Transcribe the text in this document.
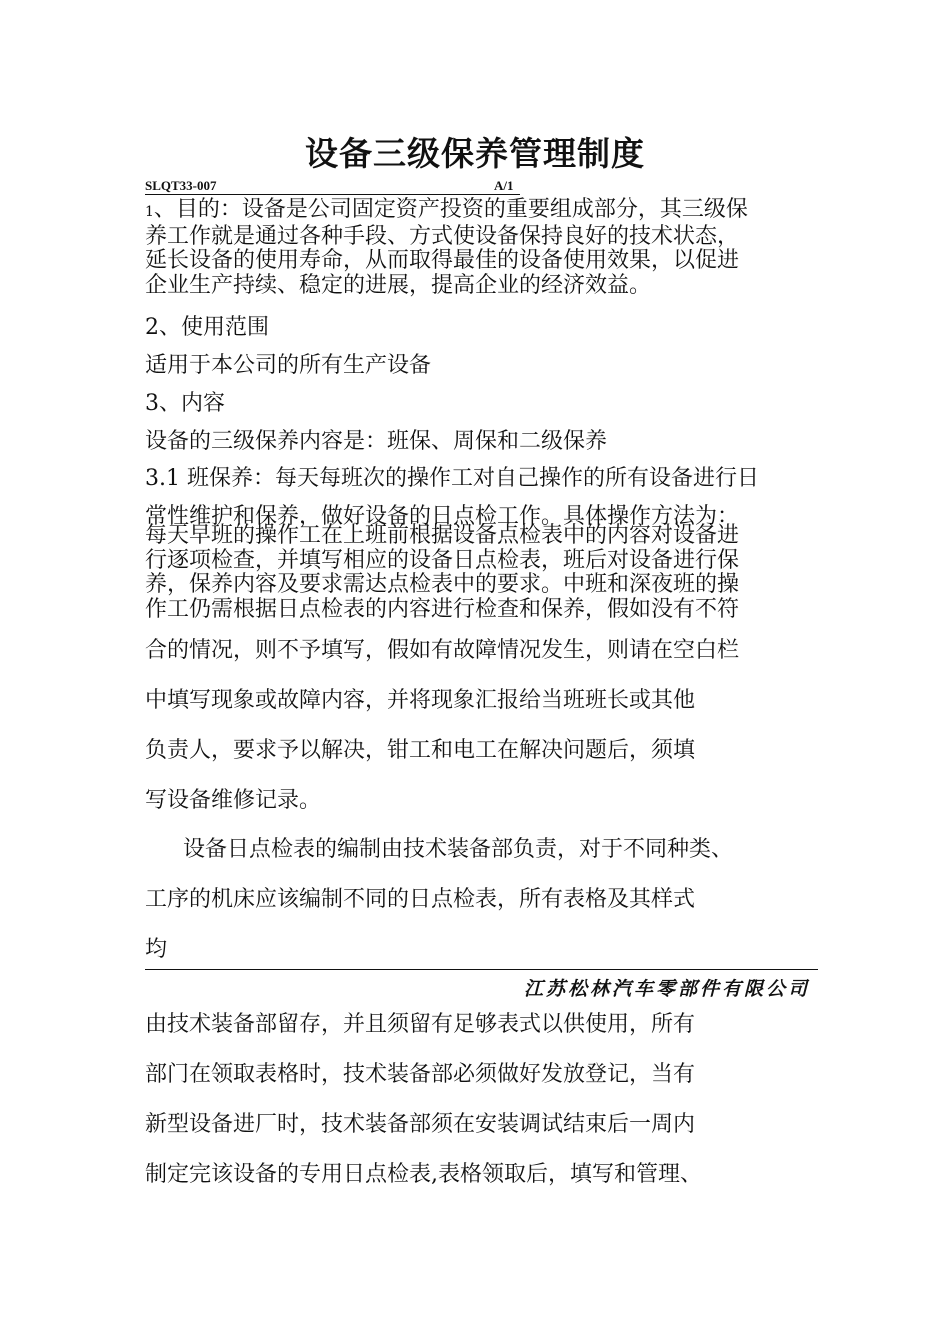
设备三级保养管理制度
SLQT33-007	A/1
1、目的：设备是公司固定资产投资的重要组成部分，其三级保
养工作就是通过各种手段、方式使设备保持良好的技术状态，
延长设备的使用寿命，从而取得最佳的设备使用效果，以促进
企业生产持续、稳定的进展，提高企业的经济效益。
2、使用范围
适用于本公司的所有生产设备
3、内容
设备的三级保养内容是：班保、周保和二级保养
3.1 班保养：每天每班次的操作工对自己操作的所有设备进行日
常性维护和保养，做好设备的日点检工作。具体操作方法为：
每天早班的操作工在上班前根据设备点检表中的内容对设备进
行逐项检查，并填写相应的设备日点检表，班后对设备进行保
养，保养内容及要求需达点检表中的要求。中班和深夜班的操
作工仍需根据日点检表的内容进行检查和保养，假如没有不符
合的情况，则不予填写，假如有故障情况发生，则请在空白栏
中填写现象或故障内容，并将现象汇报给当班班长或其他
负责人，要求予以解决，钳工和电工在解决问题后，须填
写设备维修记录。
设备日点检表的编制由技术装备部负责，对于不同种类、
工序的机床应该编制不同的日点检表，所有表格及其样式
均
江苏松林汽车零部件有限公司
由技术装备部留存，并且须留有足够表式以供使用，所有
部门在领取表格时，技术装备部必须做好发放登记，当有
新型设备进厂时，技术装备部须在安装调试结束后一周内
制定完该设备的专用日点检表,表格领取后，填写和管理、
